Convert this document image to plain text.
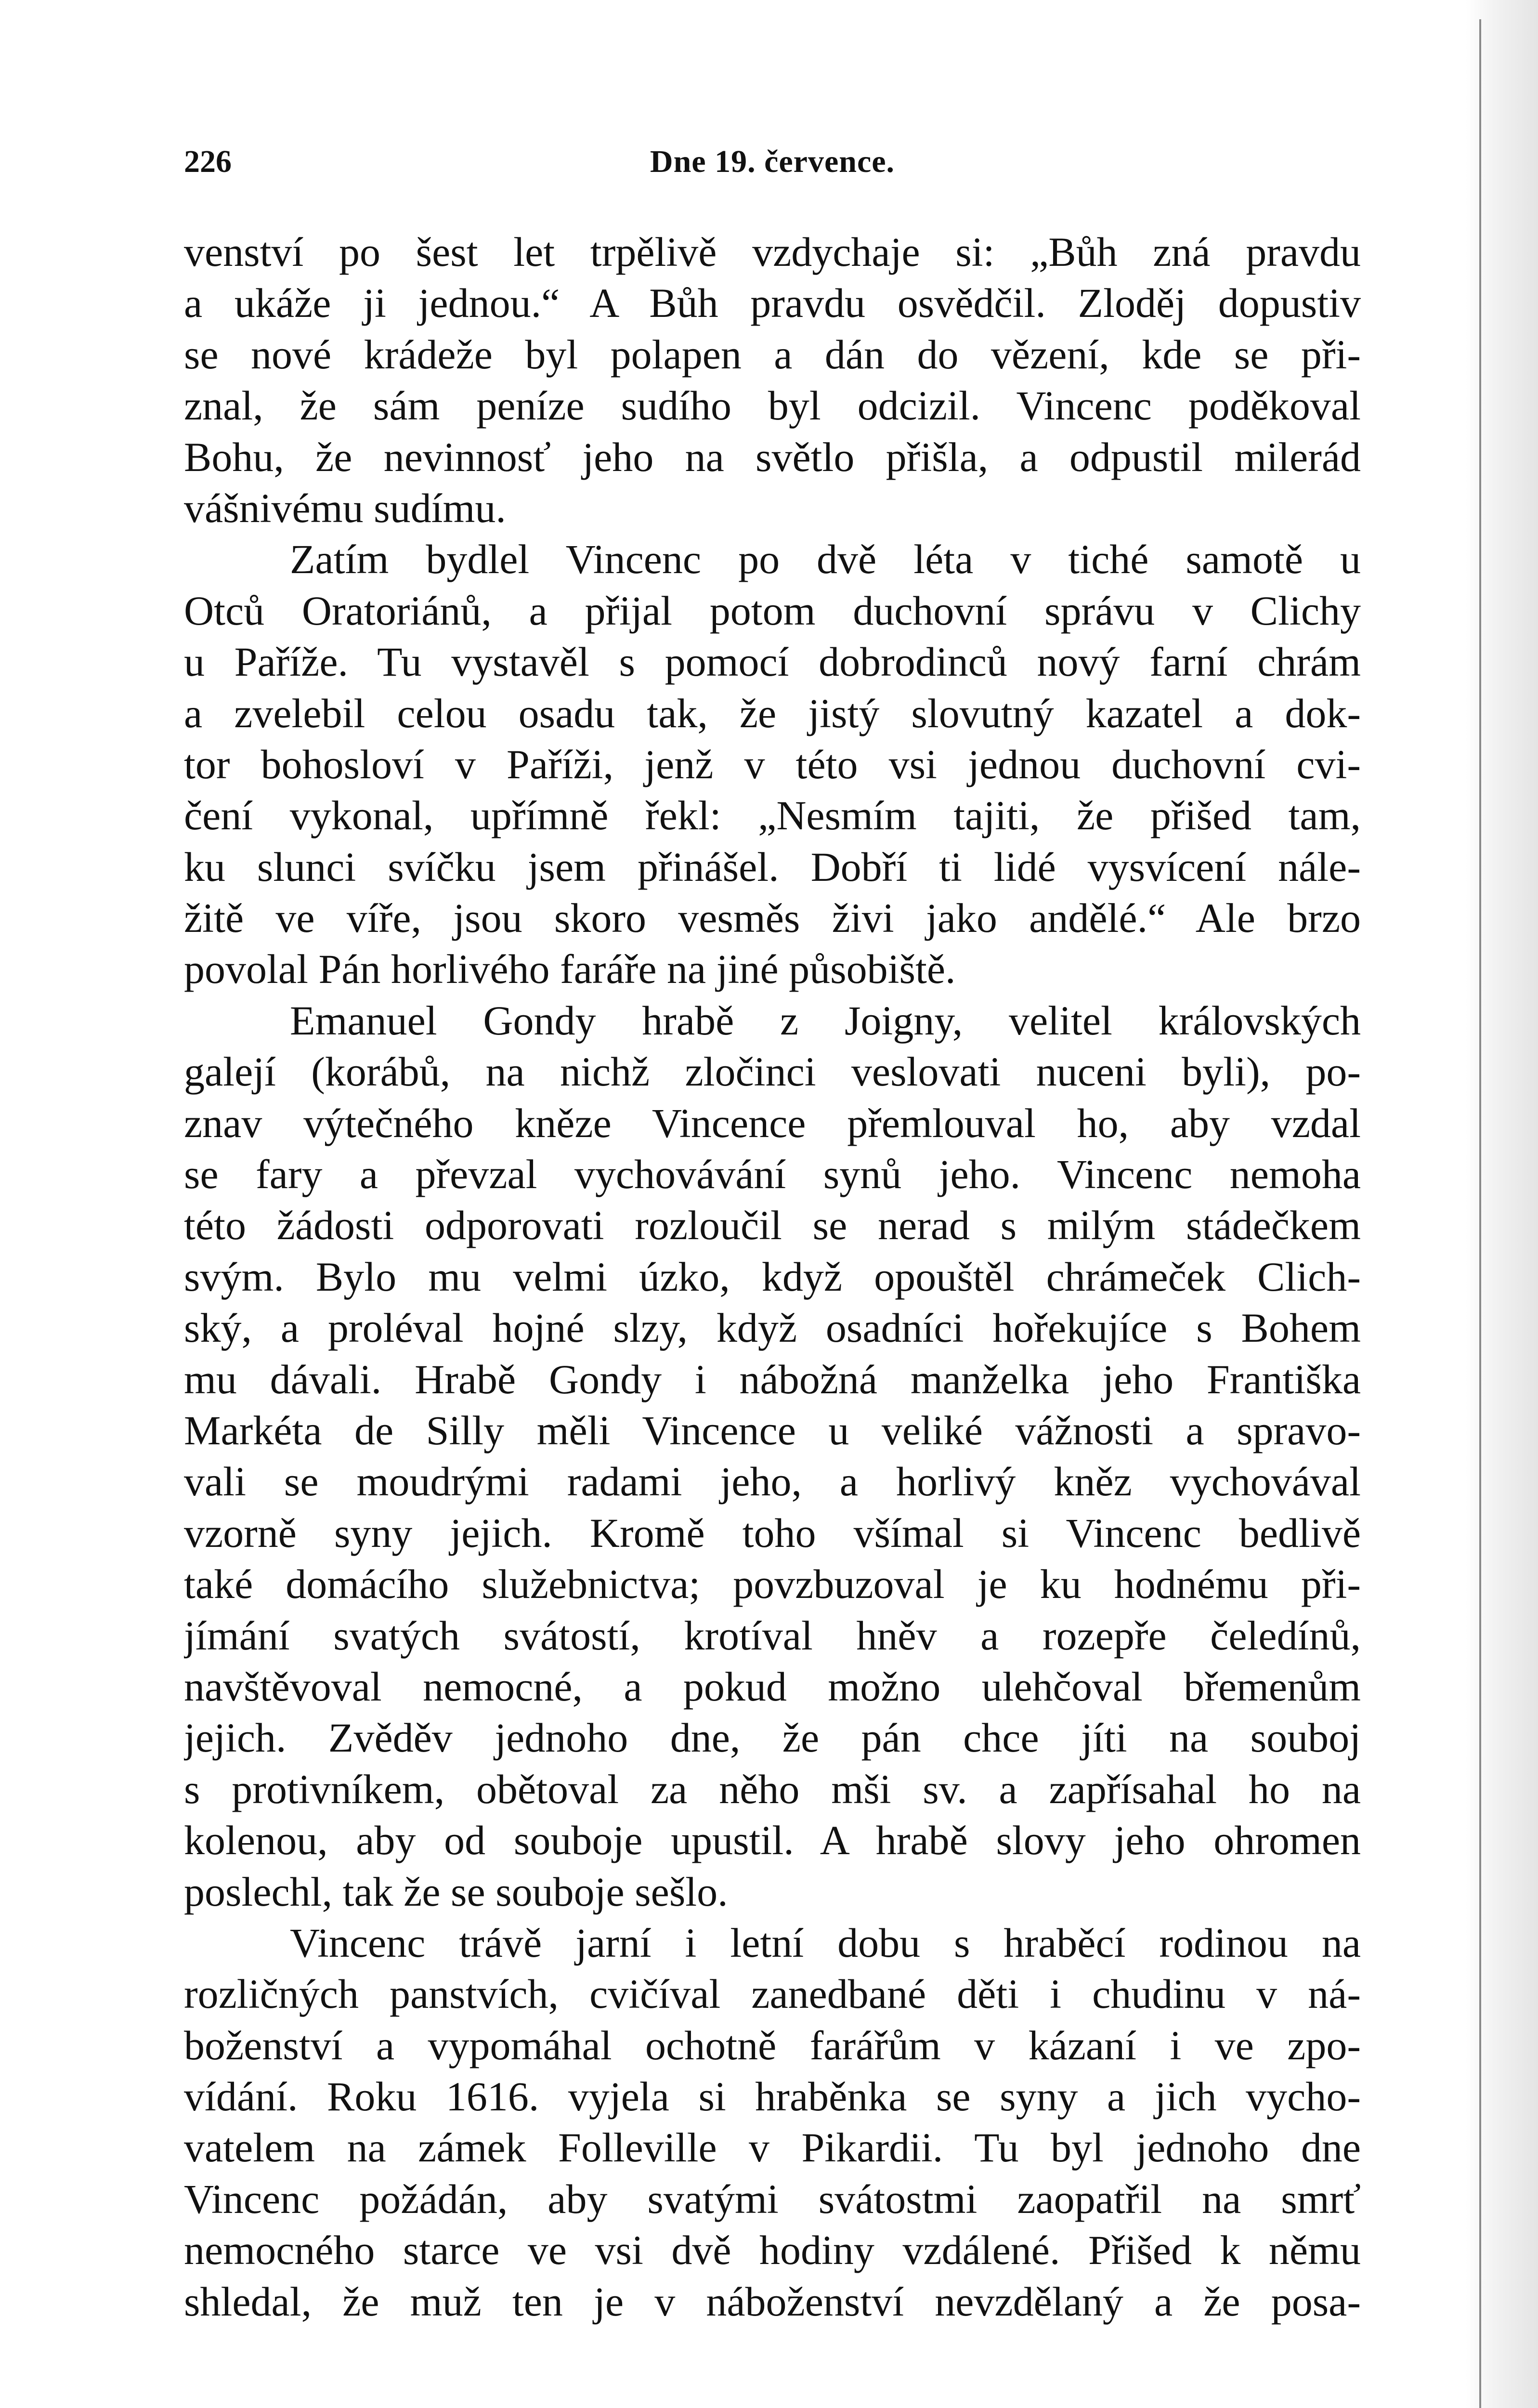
226	Dne 19. července.
venství po šest let trpělivě vzdychaje si: „Bůh zná pravdu
a ukáže ji jednou.“ A Bůh pravdu osvědčil. Zloděj dopustiv
se nové krádeže byl polapen a dán do vězení, kde se při-
znal, že sám peníze sudího byl odcizil. Vincenc poděkoval
Bohu, že nevinnosť jeho na světlo přišla, a odpustil milerád
vášnivému sudímu.
Zatím bydlel Vincenc po dvě léta v tiché samotě u
Otců Oratoriánů, a přijal potom duchovní správu v Clichy
u Paříže. Tu vystavěl s pomocí dobrodinců nový farní chrám
a zvelebil celou osadu tak, že jistý slovutný kazatel a dok-
tor bohosloví v Paříži, jenž v této vsi jednou duchovní cvi-
čení vykonal, upřímně řekl: „Nesmím tajiti, že přišed tam,
ku slunci svíčku jsem přinášel. Dobří ti lidé vysvícení nále-
žitě ve víře, jsou skoro vesměs živi jako andělé.“ Ale brzo
povolal Pán horlivého faráře na jiné působiště.
Emanuel Gondy hrabě z Joigny, velitel královských
galejí (korábů, na nichž zločinci veslovati nuceni byli), po-
znav výtečného kněze Vincence přemlouval ho, aby vzdal
se fary a převzal vychovávání synů jeho. Vincenc nemoha
této žádosti odporovati rozloučil se nerad s milým stádečkem
svým. Bylo mu velmi úzko, když opouštěl chrámeček Clich-
ský, a proléval hojné slzy, když osadníci hořekujíce s Bohem
mu dávali. Hrabě Gondy i nábožná manželka jeho Františka
Markéta de Silly měli Vincence u veliké vážnosti a spravo-
vali se moudrými radami jeho, a horlivý kněz vychovával
vzorně syny jejich. Kromě toho všímal si Vincenc bedlivě
také domácího služebnictva; povzbuzoval je ku hodnému při-
jímání svatých svátostí, krotíval hněv a rozepře čeledínů,
navštěvoval nemocné, a pokud možno ulehčoval břemenům
jejich. Zvěděv jednoho dne, že pán chce jíti na souboj
s protivníkem, obětoval za něho mši sv. a zapřísahal ho na
kolenou, aby od souboje upustil. A hrabě slovy jeho ohromen
poslechl, tak že se souboje sešlo.
Vincenc trávě jarní i letní dobu s hraběcí rodinou na
rozličných panstvích, cvičíval zanedbané děti i chudinu v ná-
boženství a vypomáhal ochotně farářům v kázaní i ve zpo-
vídání. Roku 1616. vyjela si hraběnka se syny a jich vycho-
vatelem na zámek Folleville v Pikardii. Tu byl jednoho dne
Vincenc požádán, aby svatými svátostmi zaopatřil na smrť
nemocného starce ve vsi dvě hodiny vzdálené. Přišed k němu
shledal, že muž ten je v náboženství nevzdělaný a že posa-
